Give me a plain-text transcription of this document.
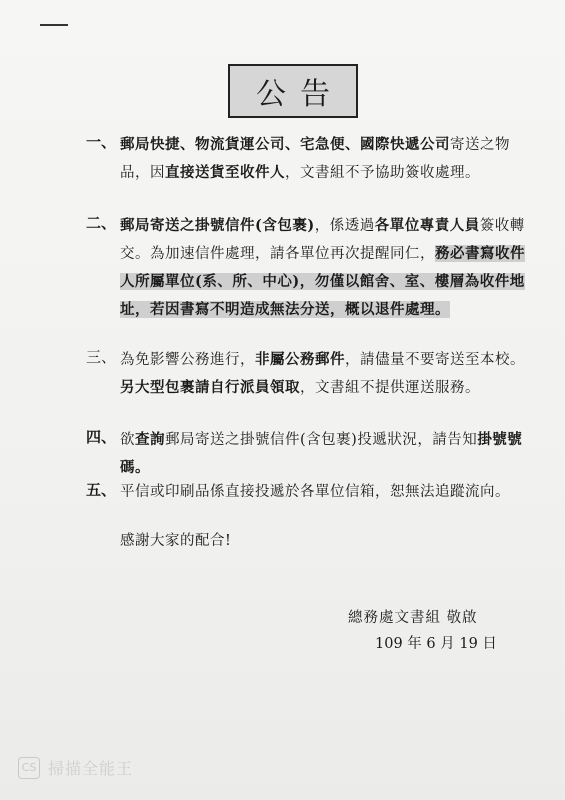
公告
一、 郵局快捷、物流貨運公司、宅急便、國際快遞公司寄送之物品，因直接送貨至收件人，文書組不予協助簽收處理。
二、 郵局寄送之掛號信件(含包裹)，係透過各單位專責人員簽收轉交。為加速信件處理，請各單位再次提醒同仁，務必書寫收件人所屬單位(系、所、中心)，勿僅以館舍、室、樓層為收件地址，若因書寫不明造成無法分送，概以退件處理。
三、 為免影響公務進行，非屬公務郵件，請儘量不要寄送至本校。另大型包裹請自行派員領取，文書組不提供運送服務。
四、 欲查詢郵局寄送之掛號信件(含包裹)投遞狀況，請告知掛號號碼。
五、 平信或印刷品係直接投遞於各單位信箱，恕無法追蹤流向。
感謝大家的配合!
總務處文書組 敬啟
109 年 6 月 19 日
CS 掃描全能王
